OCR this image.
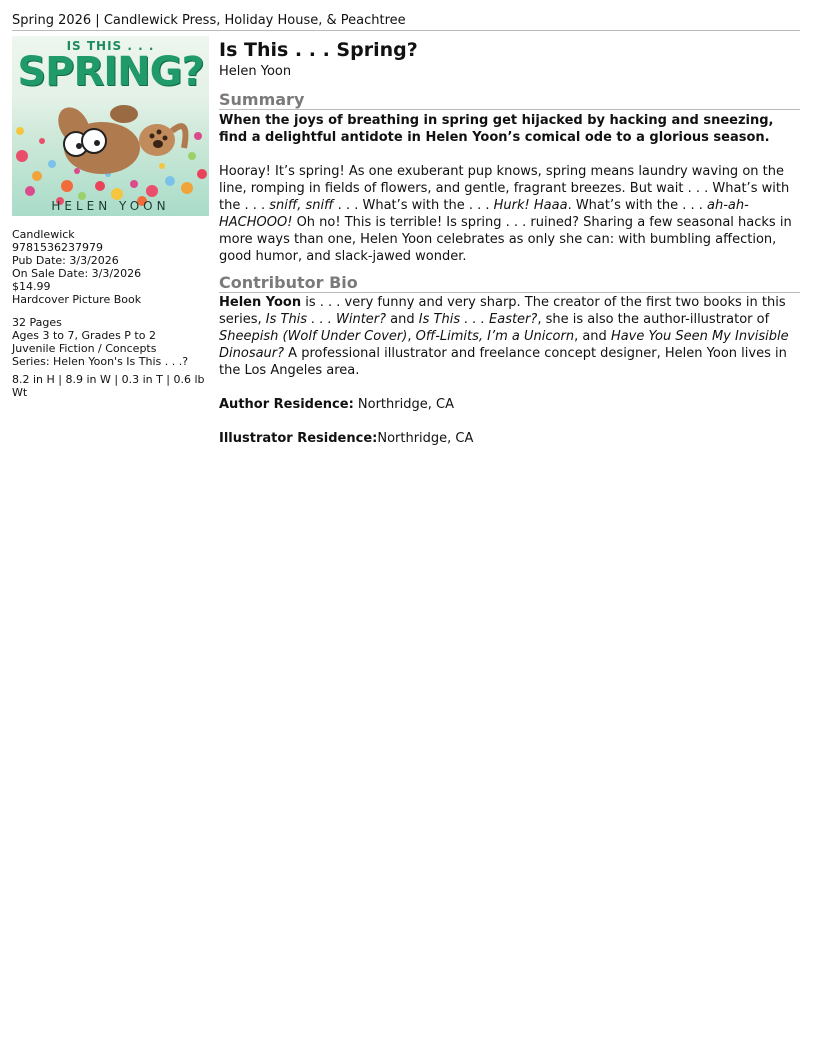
Spring 2026 | Candlewick Press, Holiday House, & Peachtree
IS THIS . . .
SPRING?
HELEN YOON
Candlewick
9781536237979
Pub Date: 3/3/2026
On Sale Date: 3/3/2026
$14.99
Hardcover Picture Book
32 Pages
Ages 3 to 7, Grades P to 2
Juvenile Fiction / Concepts
Series: Helen Yoon's Is This . . .?
8.2 in H | 8.9 in W | 0.3 in T | 0.6 lb Wt
Is This . . . Spring?
Helen Yoon
Summary

When the joys of breathing in spring get hijacked by hacking and sneezing, find a delightful antidote in Helen Yoon’s comical ode to a glorious season.

Hooray! It’s spring! As one exuberant pup knows, spring means laundry waving on the line, romping in fields of flowers, and gentle, fragrant breezes. But wait . . . What’s with the . . . sniff, sniff . . . What’s with the . . . Hurk! Haaa. What’s with the . . . ah-ah-HACHOOO! Oh no! This is terrible! Is spring . . . ruined? Sharing a few seasonal hacks in more ways than one, Helen Yoon celebrates as only she can: with bumbling affection, good humor, and slack-jawed wonder.

Contributor Bio

Helen Yoon is . . . very funny and very sharp. The creator of the first two books in this series, Is This . . . Winter? and Is This . . . Easter?, she is also the author-illustrator of Sheepish (Wolf Under Cover), Off-Limits, I’m a Unicorn, and Have You Seen My Invisible Dinosaur? A professional illustrator and freelance concept designer, Helen Yoon lives in the Los Angeles area.

Author Residence: Northridge, CA

Illustrator Residence:Northridge, CA
